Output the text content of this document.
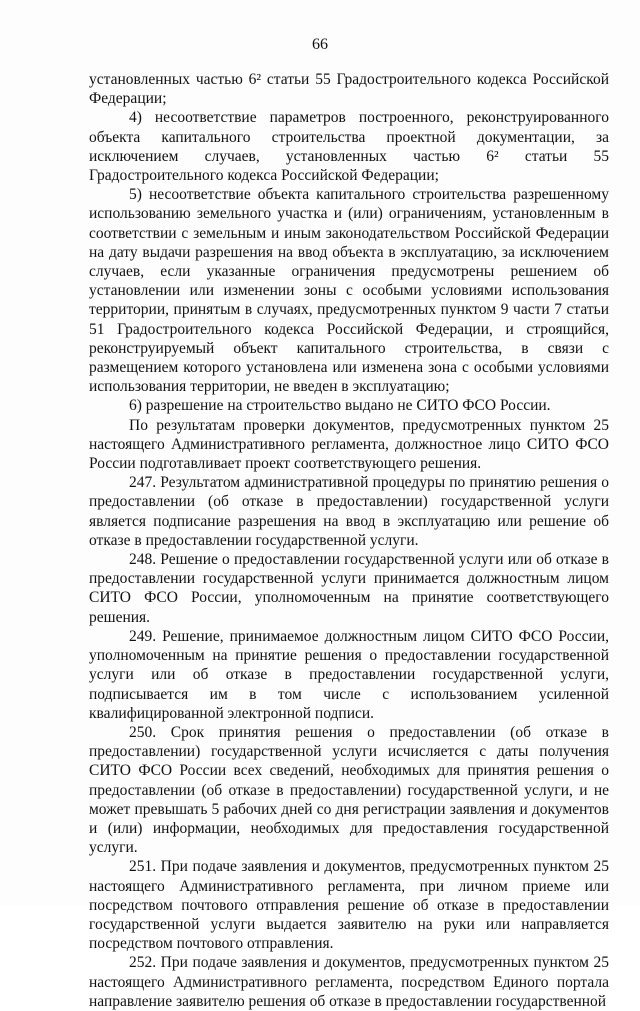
66

установленных частью 6² статьи 55 Градостроительного кодекса Российской Федерации;

4) несоответствие параметров построенного, реконструированного объекта капитального строительства проектной документации, за исключением случаев, установленных частью 6² статьи 55 Градостроительного кодекса Российской Федерации;

5) несоответствие объекта капитального строительства разрешенному использованию земельного участка и (или) ограничениям, установленным в соответствии с земельным и иным законодательством Российской Федерации на дату выдачи разрешения на ввод объекта в эксплуатацию, за исключением случаев, если указанные ограничения предусмотрены решением об установлении или изменении зоны с особыми условиями использования территории, принятым в случаях, предусмотренных пунктом 9 части 7 статьи 51 Градостроительного кодекса Российской Федерации, и строящийся, реконструируемый объект капитального строительства, в связи с размещением которого установлена или изменена зона с особыми условиями использования территории, не введен в эксплуатацию;

6) разрешение на строительство выдано не СИТО ФСО России.

По результатам проверки документов, предусмотренных пунктом 25 настоящего Административного регламента, должностное лицо СИТО ФСО России подготавливает проект соответствующего решения.

247. Результатом административной процедуры по принятию решения о предоставлении (об отказе в предоставлении) государственной услуги является подписание разрешения на ввод в эксплуатацию или решение об отказе в предоставлении государственной услуги.

248. Решение о предоставлении государственной услуги или об отказе в предоставлении государственной услуги принимается должностным лицом СИТО ФСО России, уполномоченным на принятие соответствующего решения.

249. Решение, принимаемое должностным лицом СИТО ФСО России, уполномоченным на принятие решения о предоставлении государственной услуги или об отказе в предоставлении государственной услуги, подписывается им в том числе с использованием усиленной квалифицированной электронной подписи.

250. Срок принятия решения о предоставлении (об отказе в предоставлении) государственной услуги исчисляется с даты получения СИТО ФСО России всех сведений, необходимых для принятия решения о предоставлении (об отказе в предоставлении) государственной услуги, и не может превышать 5 рабочих дней со дня регистрации заявления и документов и (или) информации, необходимых для предоставления государственной услуги.

251. При подаче заявления и документов, предусмотренных пунктом 25 настоящего Административного регламента, при личном приеме или посредством почтового отправления решение об отказе в предоставлении государственной услуги выдается заявителю на руки или направляется посредством почтового отправления.

252. При подаче заявления и документов, предусмотренных пунктом 25 настоящего Административного регламента, посредством Единого портала направление заявителю решения об отказе в предоставлении государственной
